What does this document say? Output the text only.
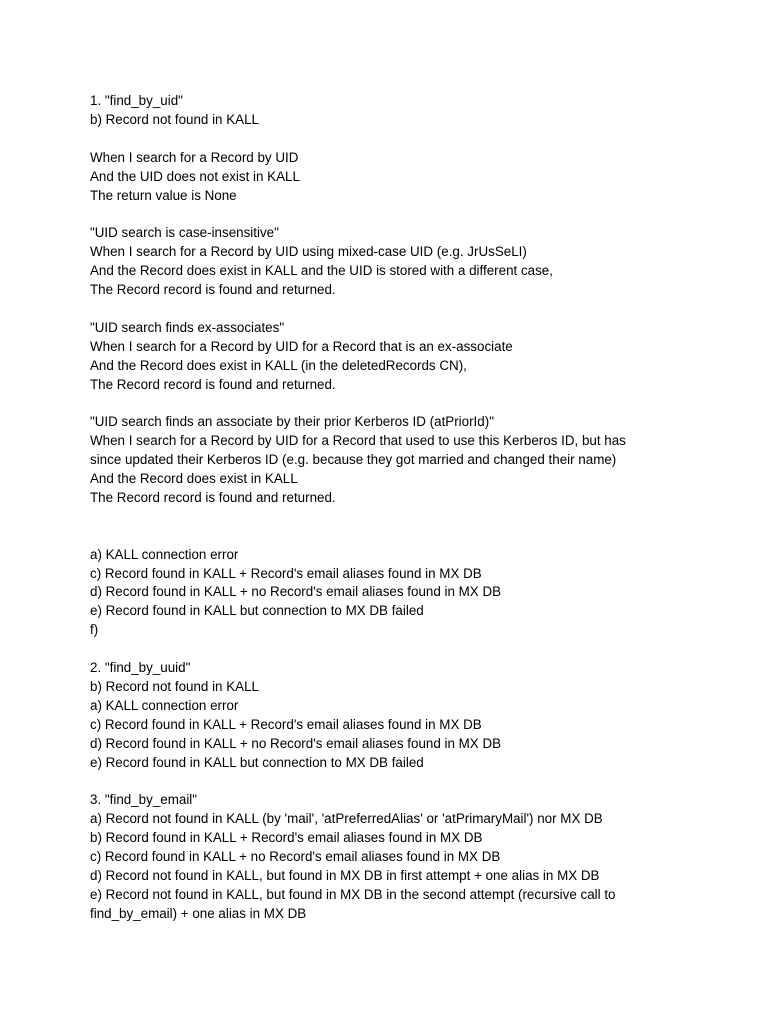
1. "find_by_uid"
b) Record not found in KALL
When I search for a Record by UID
And the UID does not exist in KALL
The return value is None
"UID search is case-insensitive"
When I search for a Record by UID using mixed-case UID (e.g. JrUsSeLI)
And the Record does exist in KALL and the UID is stored with a different case,
The Record record is found and returned.
"UID search finds ex-associates"
When I search for a Record by UID for a Record that is an ex-associate
And the Record does exist in KALL (in the deletedRecords CN),
The Record record is found and returned.
"UID search finds an associate by their prior Kerberos ID (atPriorId)"
When I search for a Record by UID for a Record that used to use this Kerberos ID, but has
since updated their Kerberos ID (e.g. because they got married and changed their name)
And the Record does exist in KALL
The Record record is found and returned.
a) KALL connection error
c) Record found in KALL + Record's email aliases found in MX DB
d) Record found in KALL + no Record's email aliases found in MX DB
e) Record found in KALL but connection to MX DB failed
f)
2. "find_by_uuid"
b) Record not found in KALL
a) KALL connection error
c) Record found in KALL + Record's email aliases found in MX DB
d) Record found in KALL + no Record's email aliases found in MX DB
e) Record found in KALL but connection to MX DB failed
3. "find_by_email"
a) Record not found in KALL (by 'mail', 'atPreferredAlias' or 'atPrimaryMail') nor MX DB
b) Record found in KALL + Record's email aliases found in MX DB
c) Record found in KALL + no Record's email aliases found in MX DB
d) Record not found in KALL, but found in MX DB in first attempt + one alias in MX DB
e) Record not found in KALL, but found in MX DB in the second attempt (recursive call to
find_by_email) + one alias in MX DB
